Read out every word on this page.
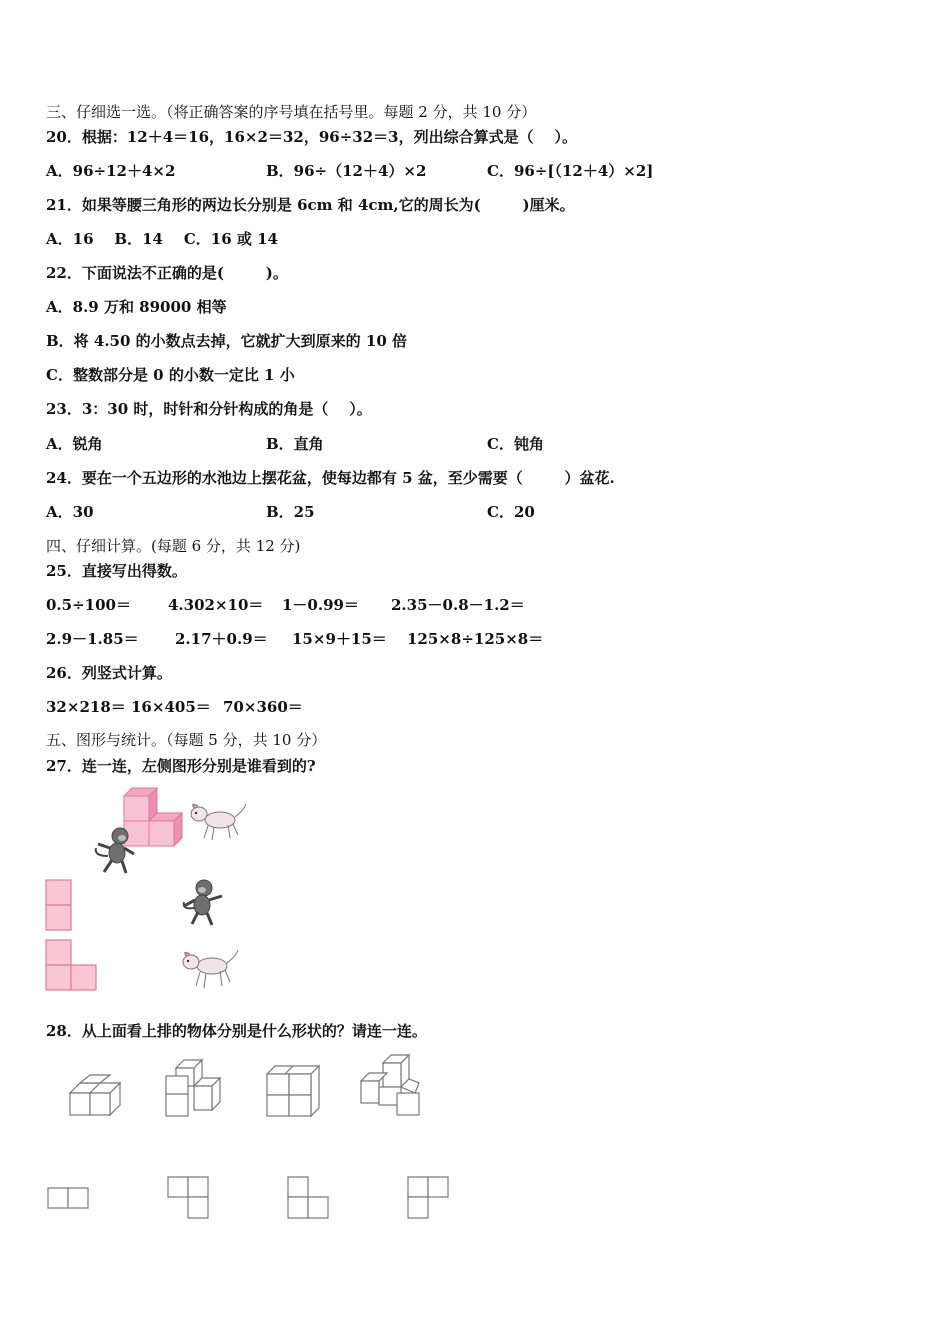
三、仔细选一选。（将正确答案的序号填在括号里。每题 2 分，共 10 分）
20．根据：12＋4＝16，16×2＝32，96÷32＝3，列出综合算式是（    ）。
A．96÷12＋4×2	B．96÷（12＋4）×2	C．96÷[（12＋4）×2]
21．如果等腰三角形的两边长分别是 6cm 和 4cm,它的周长为(        )厘米。
A．16    B．14    C．16 或 14
22．下面说法不正确的是(        )。
A．8.9 万和 89000 相等
B．将 4.50 的小数点去掉，它就扩大到原来的 10 倍
C．整数部分是 0 的小数一定比 1 小
23．3：30 时，时针和分针构成的角是（    ）。
A．锐角	B．直角	C．钝角
24．要在一个五边形的水池边上摆花盆，使每边都有 5 盆，至少需要（        ）盆花.
A．30	B．25	C．20
四、仔细计算。(每题 6 分，共 12 分)
25．直接写出得数。
0.5÷100＝ 4.302×10＝ 1－0.99＝ 2.35－0.8－1.2＝
2.9－1.85＝ 2.17＋0.9＝ 15×9＋15＝ 125×8÷125×8＝
26．列竖式计算。
32×218＝ 16×405＝ 70×360＝
五、图形与统计。（每题 5 分，共 10 分）
27．连一连，左侧图形分别是谁看到的?
28．从上面看上排的物体分别是什么形状的？请连一连。
